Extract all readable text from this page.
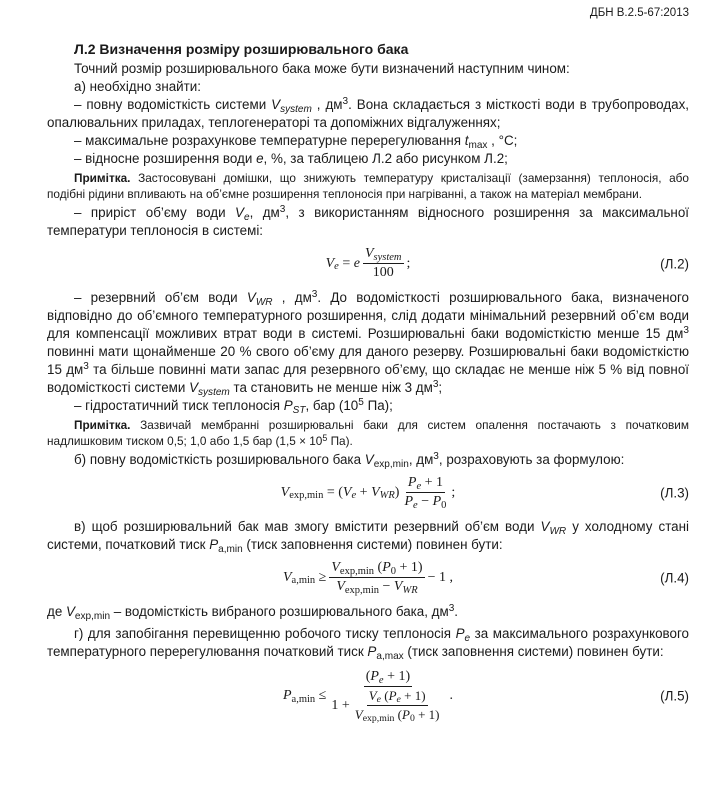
ДБН В.2.5-67:2013

Л.2 Визначення розміру розширювального бака

Точний розмір розширювального бака може бути визначений наступним чином:

а) необхідно знайти:

– повну водомісткість системи $V_{system}$ , $дм^3$. Вона складається з місткості води в трубопроводах, опалювальних приладах, теплогенераторі та допоміжних відгалуженнях;

– максимальне розрахункове температурне перерегулювання $t_{max}$ , °C;

– відносне розширення води e, %, за таблицею Л.2 або рисунком Л.2;

Примітка. Застосовувані домішки, що знижують температуру кристалізації (замерзання) теплоносія, або подібні рідини впливають на об’ємне розширення теплоносія при нагріванні, а також на матеріал мембрани.

– приріст об’єму води $V_e$, $дм^3$, з використанням відносного розширення за максимальної температури теплоносія в системі:

$V_e = e \frac{V_{system}}{100}$ ;	(Л.2)

– резервний об’єм води $V_{WR}$ , $дм^3$. До водомісткості розширювального бака, визначеного відповідно до об’ємного температурного розширення, слід додати мінімальний резервний об’єм води для компенсації можливих втрат води в системі. Розширювальні баки водомісткістю менше 15 $дм^3$ повинні мати щонайменше 20 % свого об’єму для даного резерву. Розширювальні баки водомісткістю 15 $дм^3$ та більше повинні мати запас для резервного об’єму, що складає не менше ніж 5 % від повної водомісткості системи $V_{system}$ та становить не менше ніж 3 $дм^3$;

– гідростатичний тиск теплоносія $P_{ST}$, бар ($10^5$ Па);

Примітка. Зазвичай мембранні розширювальні баки для систем опалення постачають з початковим надлишковим тиском 0,5; 1,0 або 1,5 бар ($1,5 \times 10^5$ Па).

б) повну водомісткість розширювального бака $V_{exp,min}$, $дм^3$, розраховують за формулою:

$V_{exp,min} = (V_e + V_{WR}) \frac{P_e + 1}{P_e - P_0}$ ;	(Л.3)

в) щоб розширювальний бак мав змогу вмістити резервний об’єм води $V_{WR}$ у холодному стані системи, початковий тиск $P_{a,min}$ (тиск заповнення системи) повинен бути:

$V_{a,min} \ge \frac{V_{exp,min} (P_0 + 1)}{V_{exp,min} - V_{WR}} - 1$ ,	(Л.4)

де $V_{exp,min}$ – водомісткість вибраного розширювального бака, $дм^3$.

г) для запобігання перевищенню робочого тиску теплоносія $P_e$ за максимального розрахункового температурного перерегулювання початковий тиск $P_{a,max}$ (тиск заповнення системи) повинен бути:

$P_{a,min} \le \frac{(P_e + 1)}{1 + \frac{V_e (P_e + 1)}{V_{exp,min} (P_0 + 1)}}$ .	(Л.5)
